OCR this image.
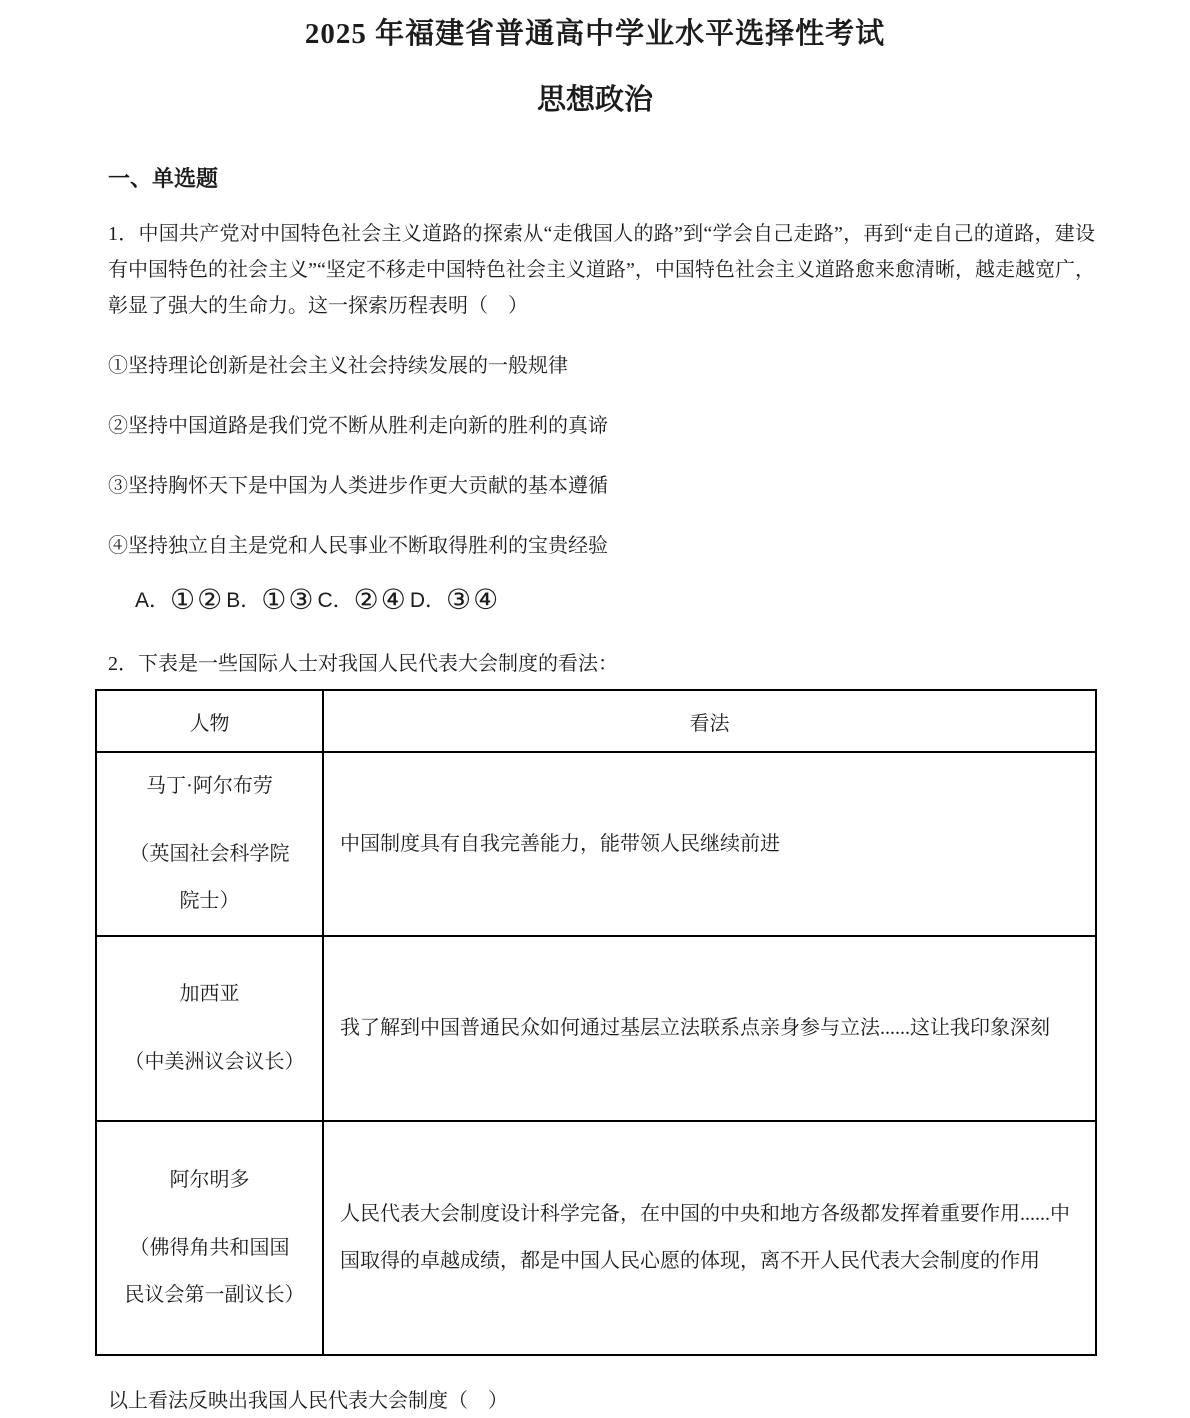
2025 年福建省普通高中学业水平选择性考试
思想政治
一、单选题

1．中国共产党对中国特色社会主义道路的探索从“走俄国人的路”到“学会自己走路”，再到“走自己的道路，建设有中国特色的社会主义”“坚定不移走中国特色社会主义道路”，中国特色社会主义道路愈来愈清晰，越走越宽广，彰显了强大的生命力。这一探索历程表明（　）

①坚持理论创新是社会主义社会持续发展的一般规律

②坚持中国道路是我们党不断从胜利走向新的胜利的真谛

③坚持胸怀天下是中国为人类进步作更大贡献的基本遵循

④坚持独立自主是党和人民事业不断取得胜利的宝贵经验

A．①②B．①③C．②④D．③④

2．下表是一些国际人士对我国人民代表大会制度的看法：

人物	看法

马丁·阿尔布劳
（英国社会科学院院士）	中国制度具有自我完善能力，能带领人民继续前进

加西亚
（中美洲议会议长）	我了解到中国普通民众如何通过基层立法联系点亲身参与立法......这让我印象深刻

阿尔明多
（佛得角共和国国民议会第一副议长）	人民代表大会制度设计科学完备，在中国的中央和地方各级都发挥着重要作用......中国取得的卓越成绩，都是中国人民心愿的体现，离不开人民代表大会制度的作用

以上看法反映出我国人民代表大会制度（　）
